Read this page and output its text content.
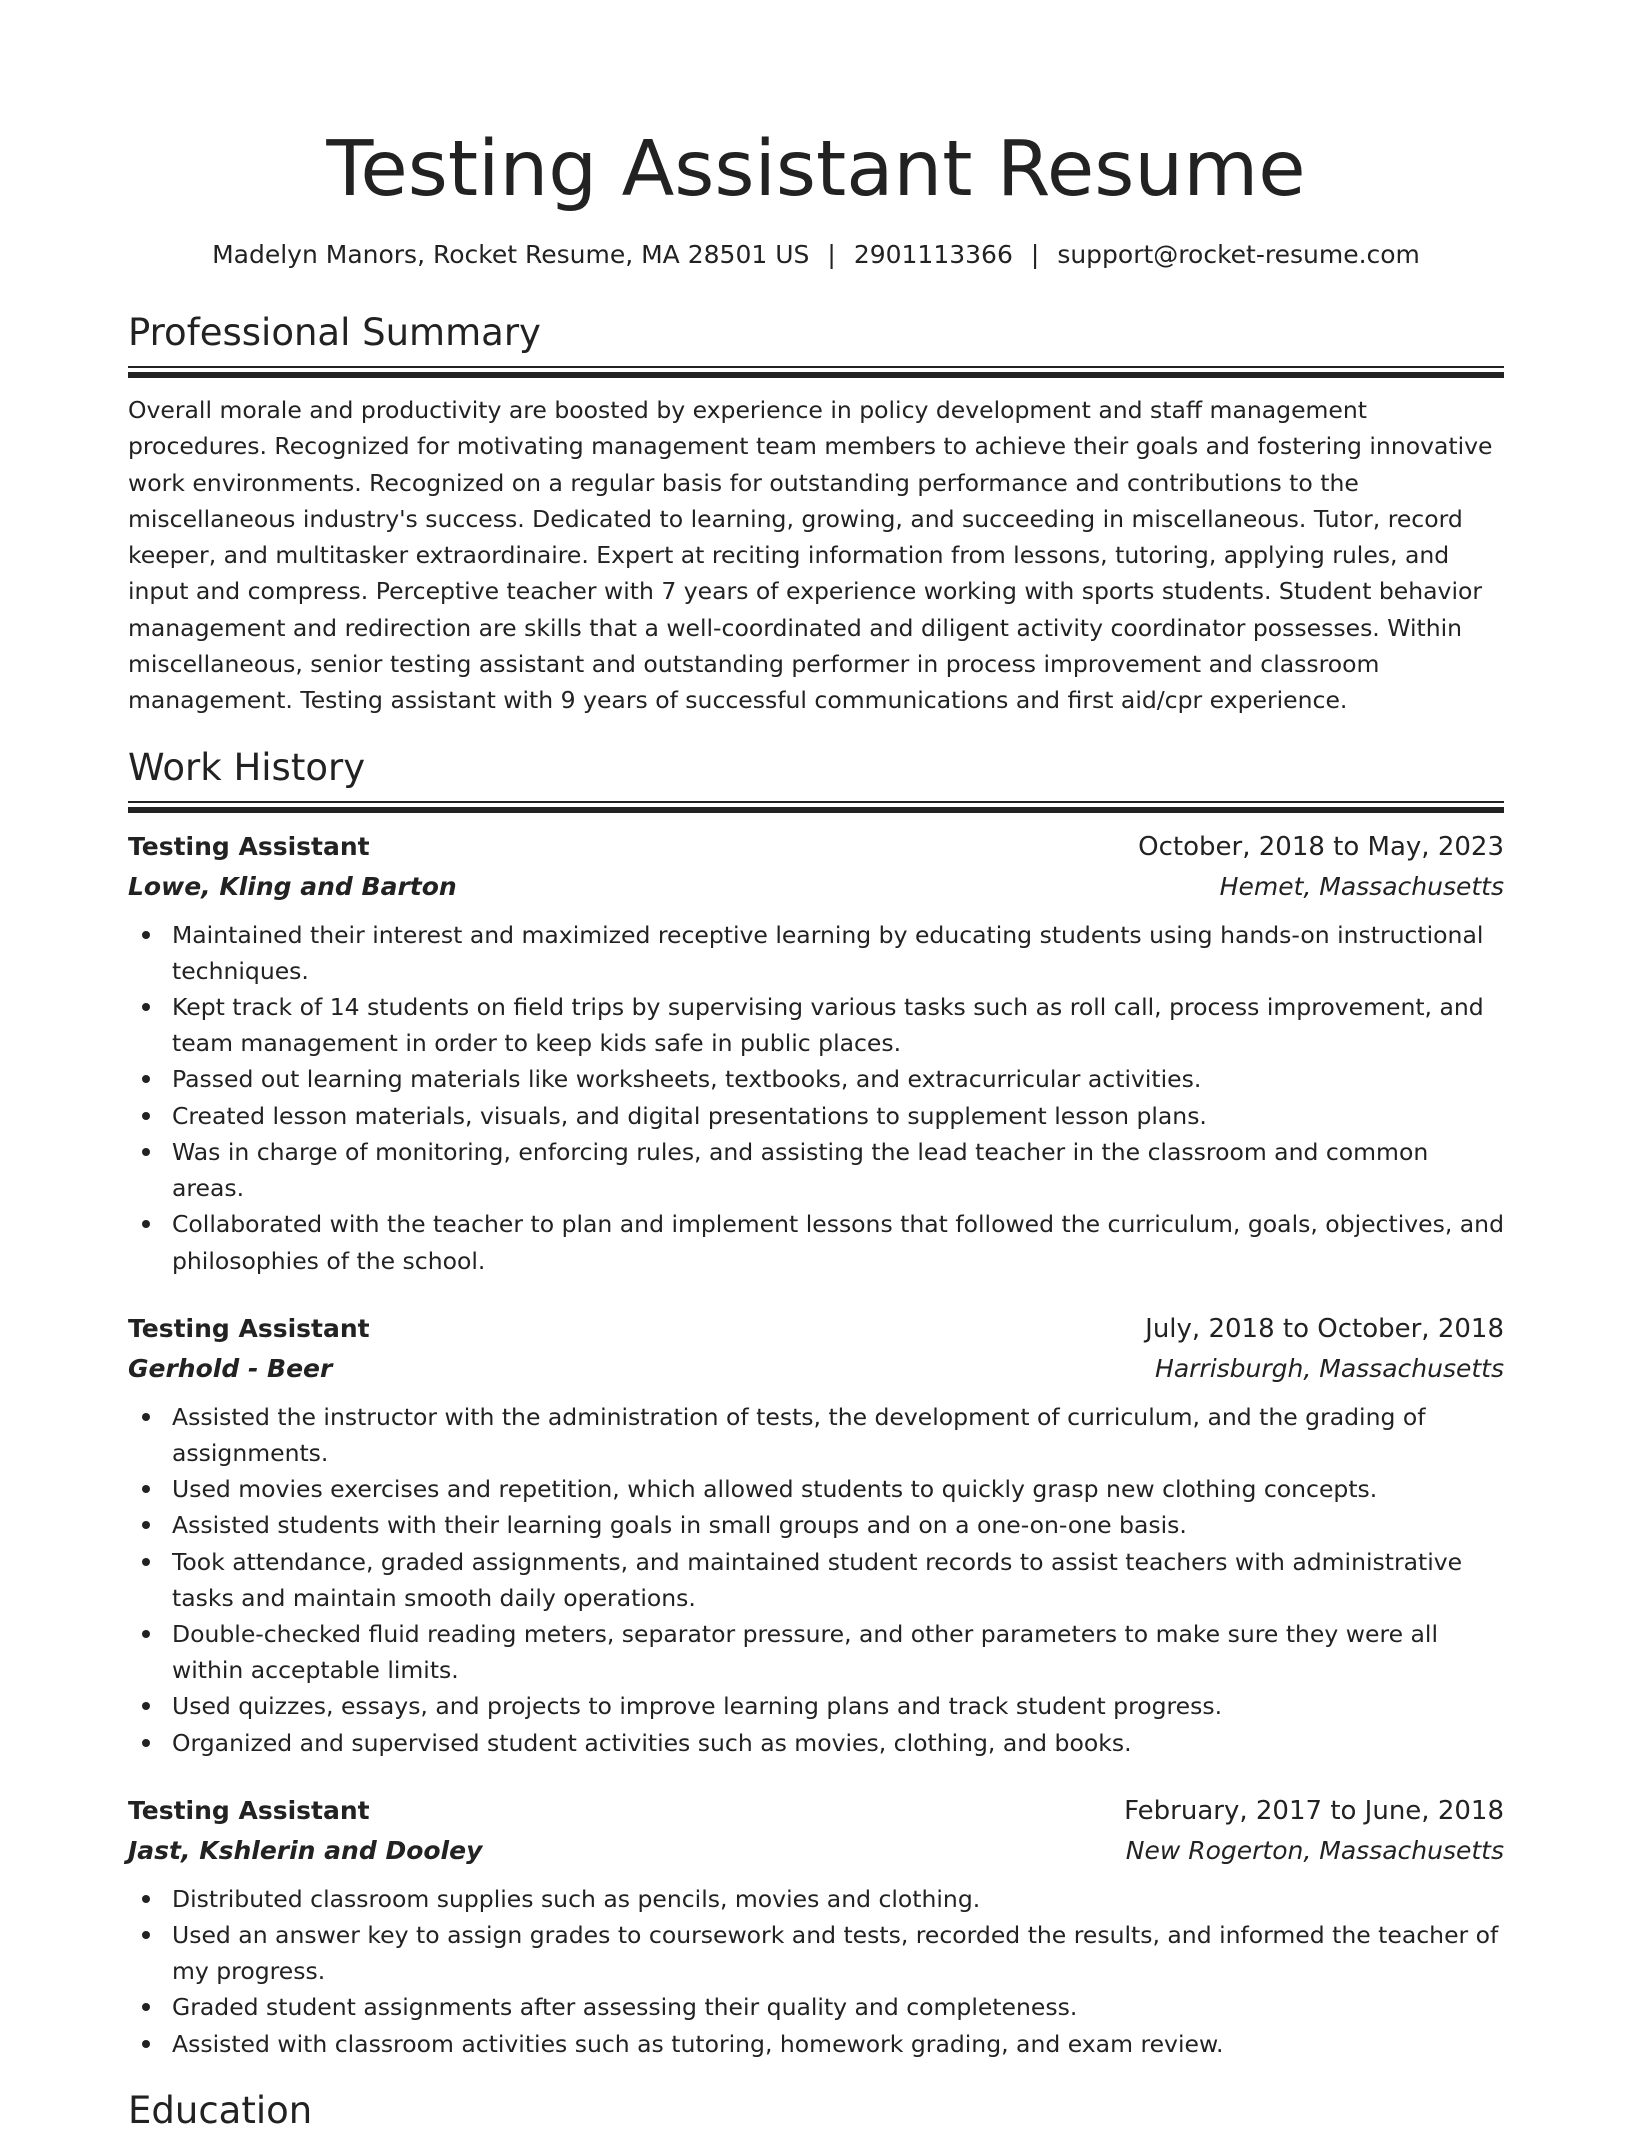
Testing Assistant Resume
Madelyn Manors, Rocket Resume, MA 28501 US | 2901113366 | support@rocket-resume.com
Professional Summary

Overall morale and productivity are boosted by experience in policy development and staff management procedures. Recognized for motivating management team members to achieve their goals and fostering innovative work environments. Recognized on a regular basis for outstanding performance and contributions to the miscellaneous industry's success. Dedicated to learning, growing, and succeeding in miscellaneous. Tutor, record keeper, and multitasker extraordinaire. Expert at reciting information from lessons, tutoring, applying rules, and input and compress. Perceptive teacher with 7 years of experience working with sports students. Student behavior management and redirection are skills that a well-coordinated and diligent activity coordinator possesses. Within miscellaneous, senior testing assistant and outstanding performer in process improvement and classroom management. Testing assistant with 9 years of successful communications and first aid/cpr experience.

Work History
Testing Assistant	October, 2018 to May, 2023
Lowe, Kling and Barton	Hemet, Massachusetts
Maintained their interest and maximized receptive learning by educating students using hands-on instructional techniques.
Kept track of 14 students on field trips by supervising various tasks such as roll call, process improvement, and team management in order to keep kids safe in public places.
Passed out learning materials like worksheets, textbooks, and extracurricular activities.
Created lesson materials, visuals, and digital presentations to supplement lesson plans.
Was in charge of monitoring, enforcing rules, and assisting the lead teacher in the classroom and common areas.
Collaborated with the teacher to plan and implement lessons that followed the curriculum, goals, objectives, and philosophies of the school.
Testing Assistant	July, 2018 to October, 2018
Gerhold - Beer	Harrisburgh, Massachusetts
Assisted the instructor with the administration of tests, the development of curriculum, and the grading of assignments.
Used movies exercises and repetition, which allowed students to quickly grasp new clothing concepts.
Assisted students with their learning goals in small groups and on a one-on-one basis.
Took attendance, graded assignments, and maintained student records to assist teachers with administrative tasks and maintain smooth daily operations.
Double-checked fluid reading meters, separator pressure, and other parameters to make sure they were all within acceptable limits.
Used quizzes, essays, and projects to improve learning plans and track student progress.
Organized and supervised student activities such as movies, clothing, and books.
Testing Assistant	February, 2017 to June, 2018
Jast, Kshlerin and Dooley	New Rogerton, Massachusetts
Distributed classroom supplies such as pencils, movies and clothing.
Used an answer key to assign grades to coursework and tests, recorded the results, and informed the teacher of my progress.
Graded student assignments after assessing their quality and completeness.
Assisted with classroom activities such as tutoring, homework grading, and exam review.
Education
